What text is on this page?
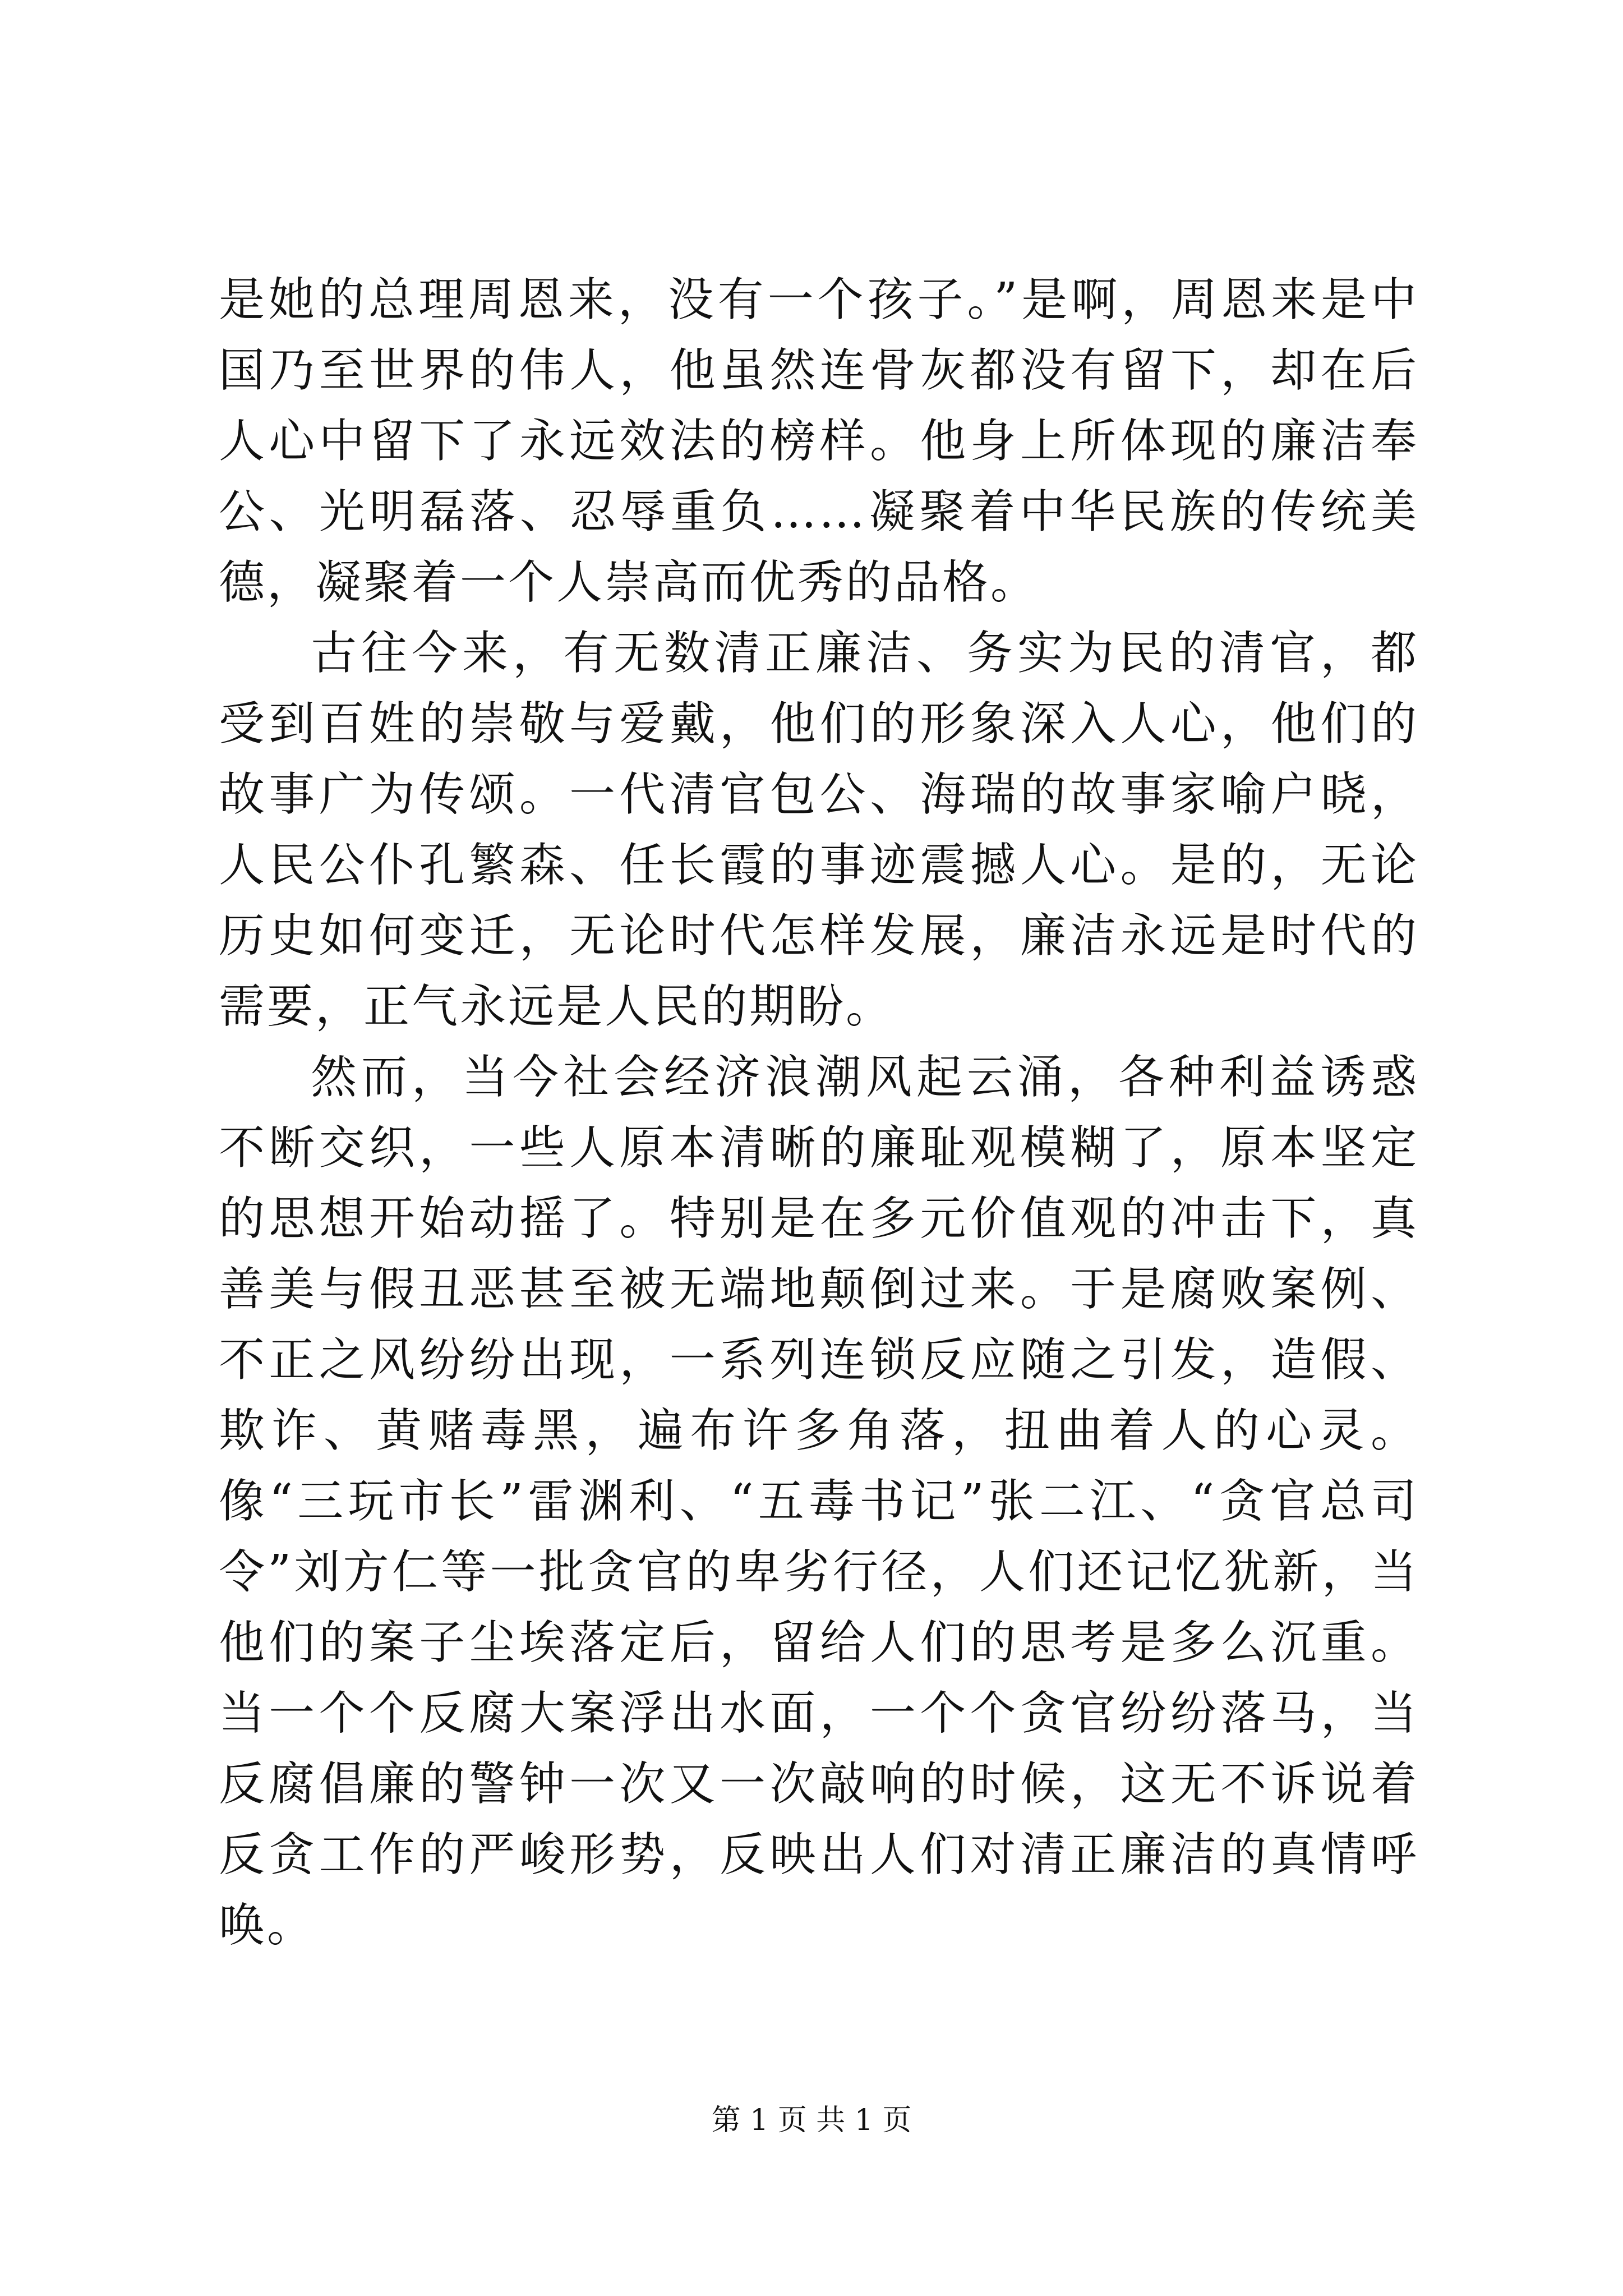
是她的总理周恩来，没有一个孩子。”是啊，周恩来是中国乃至世界的伟人，他虽然连骨灰都没有留下，却在后人心中留下了永远效法的榜样。他身上所体现的廉洁奉公、光明磊落、忍辱重负……凝聚着中华民族的传统美德，凝聚着一个人崇高而优秀的品格。

古往今来，有无数清正廉洁、务实为民的清官，都受到百姓的崇敬与爱戴，他们的形象深入人心，他们的故事广为传颂。一代清官包公、海瑞的故事家喻户晓，人民公仆孔繁森、任长霞的事迹震撼人心。是的，无论历史如何变迁，无论时代怎样发展，廉洁永远是时代的需要，正气永远是人民的期盼。

然而，当今社会经济浪潮风起云涌，各种利益诱惑不断交织，一些人原本清晰的廉耻观模糊了，原本坚定的思想开始动摇了。特别是在多元价值观的冲击下，真善美与假丑恶甚至被无端地颠倒过来。于是腐败案例、不正之风纷纷出现，一系列连锁反应随之引发，造假、欺诈、黄赌毒黑，遍布许多角落，扭曲着人的心灵。像“三玩市长”雷渊利、“五毒书记”张二江、“贪官总司令”刘方仁等一批贪官的卑劣行径，人们还记忆犹新，当他们的案子尘埃落定后，留给人们的思考是多么沉重。当一个个反腐大案浮出水面，一个个贪官纷纷落马，当反腐倡廉的警钟一次又一次敲响的时候，这无不诉说着反贪工作的严峻形势，反映出人们对清正廉洁的真情呼唤。

第 1 页 共 1 页
